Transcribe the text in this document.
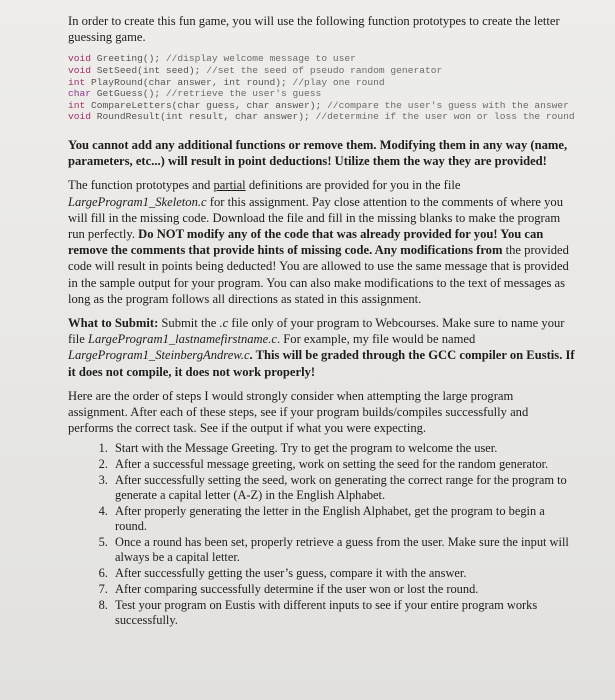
In order to create this fun game, you will use the following function prototypes to create the letter guessing game.

void Greeting(); //display welcome message to user
void SetSeed(int seed); //set the seed of pseudo random generator
int PlayRound(char answer, int round); //play one round
char GetGuess(); //retrieve the user's guess
int CompareLetters(char guess, char answer); //compare the user's guess with the answer
void RoundResult(int result, char answer); //determine if the user won or loss the round

You cannot add any additional functions or remove them. Modifying them in any way (name, parameters, etc...) will result in point deductions! Utilize them the way they are provided!

The function prototypes and partial definitions are provided for you in the file LargeProgram1_Skeleton.c for this assignment. Pay close attention to the comments of where you will fill in the missing code. Download the file and fill in the missing blanks to make the program run perfectly. Do NOT modify any of the code that was already provided for you! You can remove the comments that provide hints of missing code. Any modifications from the provided code will result in points being deducted! You are allowed to use the same message that is provided in the sample output for your program. You can also make modifications to the text of messages as long as the program follows all directions as stated in this assignment.

What to Submit: Submit the .c file only of your program to Webcourses. Make sure to name your file LargeProgram1_lastnamefirstname.c. For example, my file would be named LargeProgram1_SteinbergAndrew.c. This will be graded through the GCC compiler on Eustis. If it does not compile, it does not work properly!

Here are the order of steps I would strongly consider when attempting the large program assignment. After each of these steps, see if your program builds/compiles successfully and performs the correct task. See if the output if what you were expecting.

1. Start with the Message Greeting. Try to get the program to welcome the user.
2. After a successful message greeting, work on setting the seed for the random generator.
3. After successfully setting the seed, work on generating the correct range for the program to generate a capital letter (A-Z) in the English Alphabet.
4. After properly generating the letter in the English Alphabet, get the program to begin a round.
5. Once a round has been set, properly retrieve a guess from the user. Make sure the input will always be a capital letter.
6. After successfully getting the user’s guess, compare it with the answer.
7. After comparing successfully determine if the user won or lost the round.
8. Test your program on Eustis with different inputs to see if your entire program works successfully.
